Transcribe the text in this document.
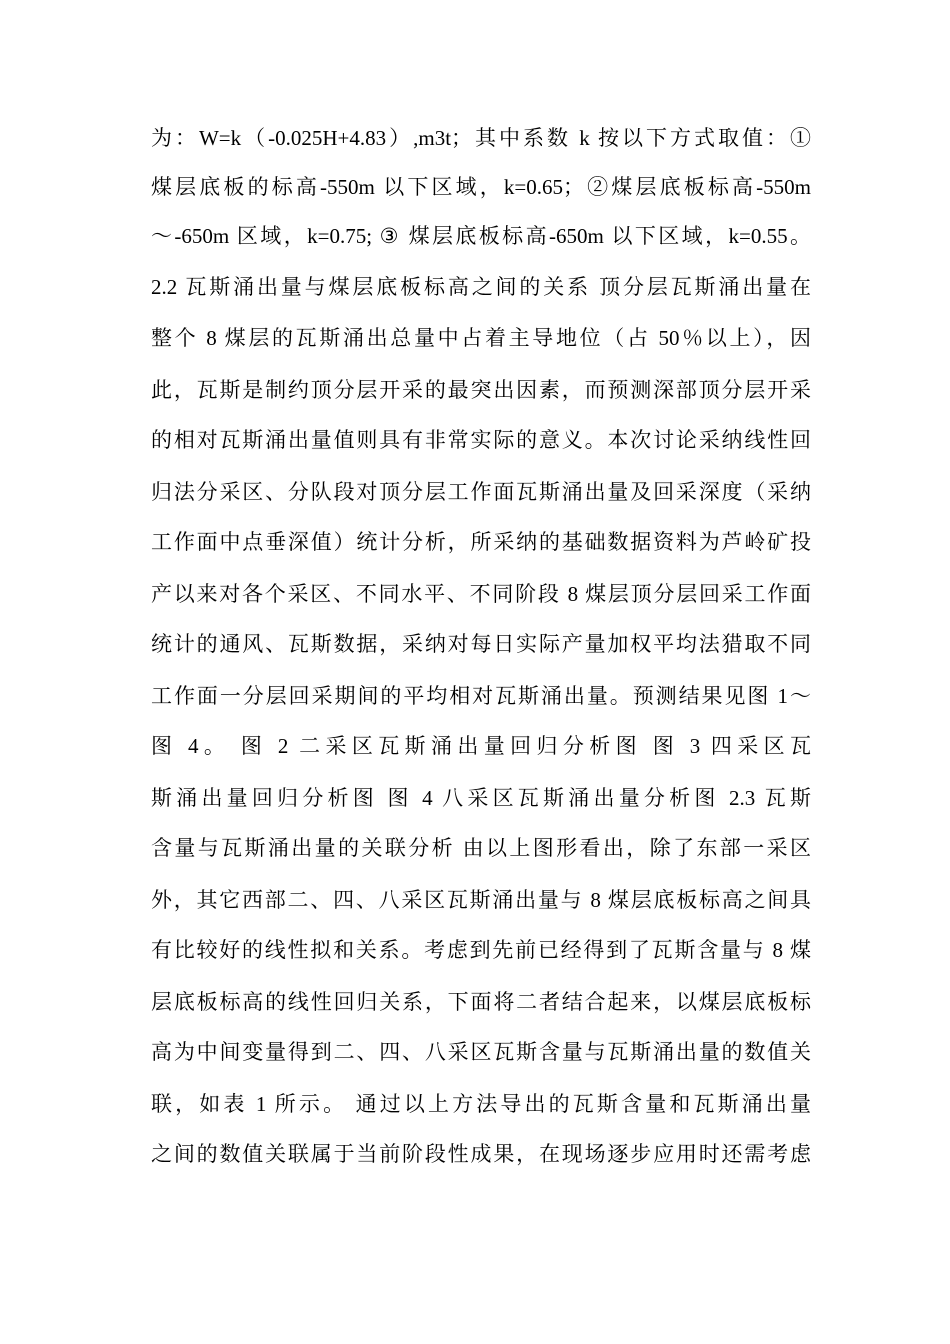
为：W=k（-0.025H+4.83）,m3t；其中系数 k 按以下方式取值：①
煤层底板的标高-550m 以下区域，k=0.65；②煤层底板标高-550m
～-650m 区域，k=0.75; ③ 煤层底板标高-650m 以下区域，k=0.55。
2.2 瓦斯涌出量与煤层底板标高之间的关系 顶分层瓦斯涌出量在
整个 8 煤层的瓦斯涌出总量中占着主导地位（占 50％以上），因
此，瓦斯是制约顶分层开采的最突出因素，而预测深部顶分层开采
的相对瓦斯涌出量值则具有非常实际的意义。本次讨论采纳线性回
归法分采区、分队段对顶分层工作面瓦斯涌出量及回采深度（采纳
工作面中点垂深值）统计分析，所采纳的基础数据资料为芦岭矿投
产以来对各个采区、不同水平、不同阶段 8 煤层顶分层回采工作面
统计的通风、瓦斯数据，采纳对每日实际产量加权平均法猎取不同
工作面一分层回采期间的平均相对瓦斯涌出量。预测结果见图 1～
图 4。 图 2 二采区瓦斯涌出量回归分析图 图 3 四采区瓦
斯涌出量回归分析图 图 4 八采区瓦斯涌出量分析图 2.3 瓦斯
含量与瓦斯涌出量的关联分析 由以上图形看出，除了东部一采区
外，其它西部二、四、八采区瓦斯涌出量与 8 煤层底板标高之间具
有比较好的线性拟和关系。考虑到先前已经得到了瓦斯含量与 8 煤
层底板标高的线性回归关系，下面将二者结合起来，以煤层底板标
高为中间变量得到二、四、八采区瓦斯含量与瓦斯涌出量的数值关
联，如表 1 所示。 通过以上方法导出的瓦斯含量和瓦斯涌出量
之间的数值关联属于当前阶段性成果，在现场逐步应用时还需考虑
